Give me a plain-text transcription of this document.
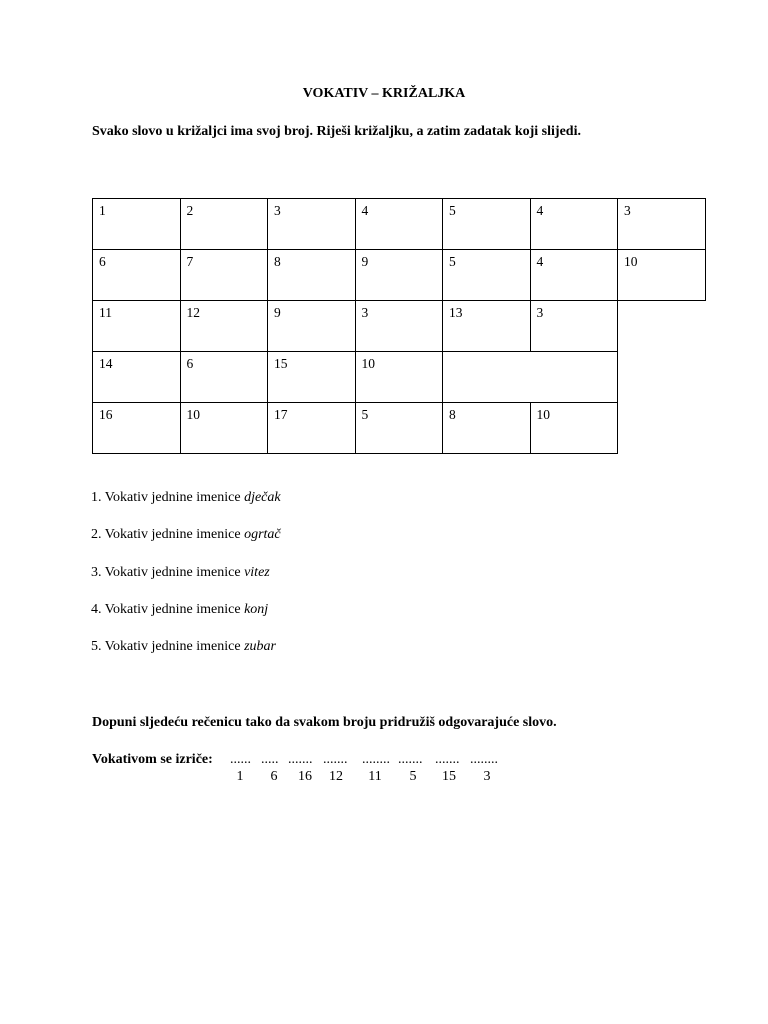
VOKATIV – KRIŽALJKA
Svako slovo u križaljci ima svoj broj. Riješi križaljku, a zatim zadatak koji slijedi.
1	2	3	4	5	4	3
6	7	8	9	5	4	10
11	12	9	3	13	3
14	6	15	10
16	10	17	5	8	10
1. Vokativ jednine imenice dječak
2. Vokativ jednine imenice ogrtač
3. Vokativ jednine imenice vitez
4. Vokativ jednine imenice konj
5. Vokativ jednine imenice zubar
Dopuni sljedeću rečenicu tako da svakom broju pridružiš odgovarajuće slovo.
Vokativom se izriče: ...... ..... ....... ....... ........ ....... ....... ........
1 6 16 12 11 5 15 3
